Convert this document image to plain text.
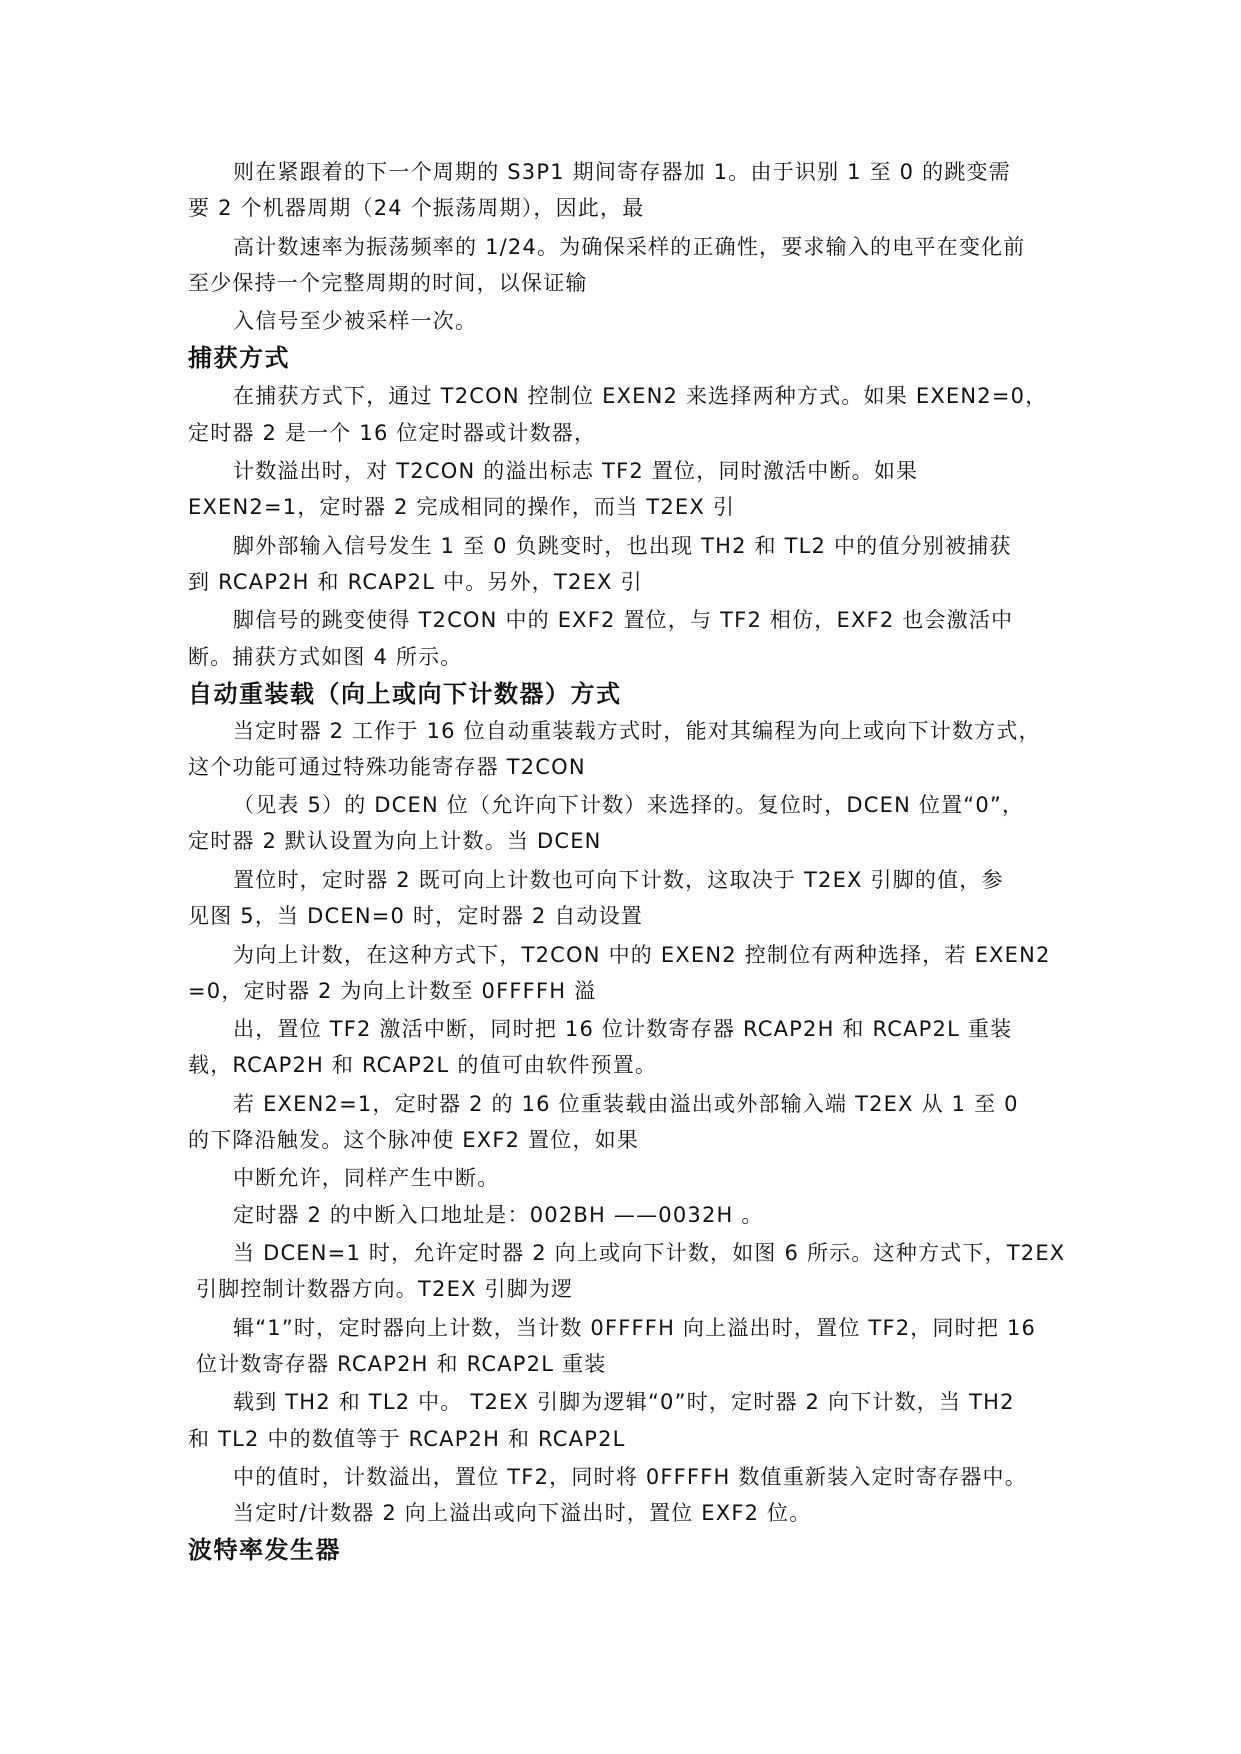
则在紧跟着的下一个周期的 S3P1 期间寄存器加 1。由于识别 1 至 0 的跳变需
要 2 个机器周期（24 个振荡周期），因此，最
高计数速率为振荡频率的 1/24。为确保采样的正确性，要求输入的电平在变化前
至少保持一个完整周期的时间，以保证输
入信号至少被采样一次。
捕获方式
在捕获方式下，通过 T2CON 控制位 EXEN2 来选择两种方式。如果 EXEN2=0，
定时器 2 是一个 16 位定时器或计数器，
计数溢出时，对 T2CON 的溢出标志 TF2 置位，同时激活中断。如果
EXEN2=1，定时器 2 完成相同的操作，而当 T2EX 引
脚外部输入信号发生 1 至 0 负跳变时，也出现 TH2 和 TL2 中的值分别被捕获
到 RCAP2H 和 RCAP2L 中。另外，T2EX 引
脚信号的跳变使得 T2CON 中的 EXF2 置位，与 TF2 相仿，EXF2 也会激活中
断。捕获方式如图 4 所示。
自动重装载（向上或向下计数器）方式
当定时器 2 工作于 16 位自动重装载方式时，能对其编程为向上或向下计数方式，
这个功能可通过特殊功能寄存器 T2CON
（见表 5）的 DCEN 位（允许向下计数）来选择的。复位时，DCEN 位置“0”，
定时器 2 默认设置为向上计数。当 DCEN
置位时，定时器 2 既可向上计数也可向下计数，这取决于 T2EX 引脚的值，参
见图 5，当 DCEN=0 时，定时器 2 自动设置
为向上计数，在这种方式下，T2CON 中的 EXEN2 控制位有两种选择，若 EXEN2
=0，定时器 2 为向上计数至 0FFFFH 溢
出，置位 TF2 激活中断，同时把 16 位计数寄存器 RCAP2H 和 RCAP2L 重装
载，RCAP2H 和 RCAP2L 的值可由软件预置。
若 EXEN2=1，定时器 2 的 16 位重装载由溢出或外部输入端 T2EX 从 1 至 0
的下降沿触发。这个脉冲使 EXF2 置位，如果
中断允许，同样产生中断。
定时器 2 的中断入口地址是：002BH ——0032H 。
当 DCEN=1 时，允许定时器 2 向上或向下计数，如图 6 所示。这种方式下，T2EX
引脚控制计数器方向。T2EX 引脚为逻
辑“1”时，定时器向上计数，当计数 0FFFFH 向上溢出时，置位 TF2，同时把 16
位计数寄存器 RCAP2H 和 RCAP2L 重装
载到 TH2 和 TL2 中。 T2EX 引脚为逻辑“0”时，定时器 2 向下计数，当 TH2
和 TL2 中的数值等于 RCAP2H 和 RCAP2L
中的值时，计数溢出，置位 TF2，同时将 0FFFFH 数值重新装入定时寄存器中。
当定时/计数器 2 向上溢出或向下溢出时，置位 EXF2 位。
波特率发生器
